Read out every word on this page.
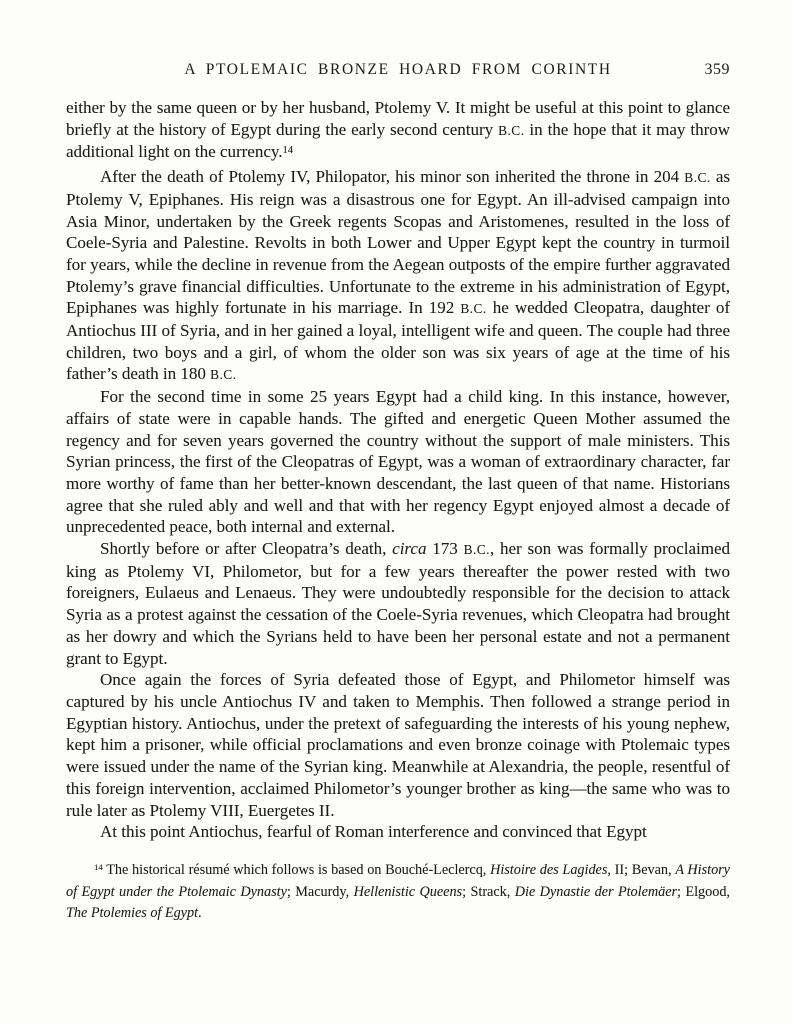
A PTOLEMAIC BRONZE HOARD FROM CORINTH	359

either by the same queen or by her husband, Ptolemy V. It might be useful at this point to glance briefly at the history of Egypt during the early second century B.C. in the hope that it may throw additional light on the currency.$^{14}$

After the death of Ptolemy IV, Philopator, his minor son inherited the throne in 204 B.C. as Ptolemy V, Epiphanes. His reign was a disastrous one for Egypt. An ill-advised campaign into Asia Minor, undertaken by the Greek regents Scopas and Aristomenes, resulted in the loss of Coele-Syria and Palestine. Revolts in both Lower and Upper Egypt kept the country in turmoil for years, while the decline in revenue from the Aegean outposts of the empire further aggravated Ptolemy’s grave financial difficulties. Unfortunate to the extreme in his administration of Egypt, Epiphanes was highly fortunate in his marriage. In 192 B.C. he wedded Cleopatra, daughter of Antiochus III of Syria, and in her gained a loyal, intelligent wife and queen. The couple had three children, two boys and a girl, of whom the older son was six years of age at the time of his father’s death in 180 B.C.

For the second time in some 25 years Egypt had a child king. In this instance, however, affairs of state were in capable hands. The gifted and energetic Queen Mother assumed the regency and for seven years governed the country without the support of male ministers. This Syrian princess, the first of the Cleopatras of Egypt, was a woman of extraordinary character, far more worthy of fame than her better-known descendant, the last queen of that name. Historians agree that she ruled ably and well and that with her regency Egypt enjoyed almost a decade of unprecedented peace, both internal and external.

Shortly before or after Cleopatra’s death, circa 173 B.C., her son was formally proclaimed king as Ptolemy VI, Philometor, but for a few years thereafter the power rested with two foreigners, Eulaeus and Lenaeus. They were undoubtedly responsible for the decision to attack Syria as a protest against the cessation of the Coele-Syria revenues, which Cleopatra had brought as her dowry and which the Syrians held to have been her personal estate and not a permanent grant to Egypt.

Once again the forces of Syria defeated those of Egypt, and Philometor himself was captured by his uncle Antiochus IV and taken to Memphis. Then followed a strange period in Egyptian history. Antiochus, under the pretext of safeguarding the interests of his young nephew, kept him a prisoner, while official proclamations and even bronze coinage with Ptolemaic types were issued under the name of the Syrian king. Meanwhile at Alexandria, the people, resentful of this foreign intervention, acclaimed Philometor’s younger brother as king—the same who was to rule later as Ptolemy VIII, Euergetes II.

At this point Antiochus, fearful of Roman interference and convinced that Egypt

$^{14}$ The historical résumé which follows is based on Bouché-Leclercq, Histoire des Lagides, II; Bevan, A History of Egypt under the Ptolemaic Dynasty; Macurdy, Hellenistic Queens; Strack, Die Dynastie der Ptolemäer; Elgood, The Ptolemies of Egypt.
